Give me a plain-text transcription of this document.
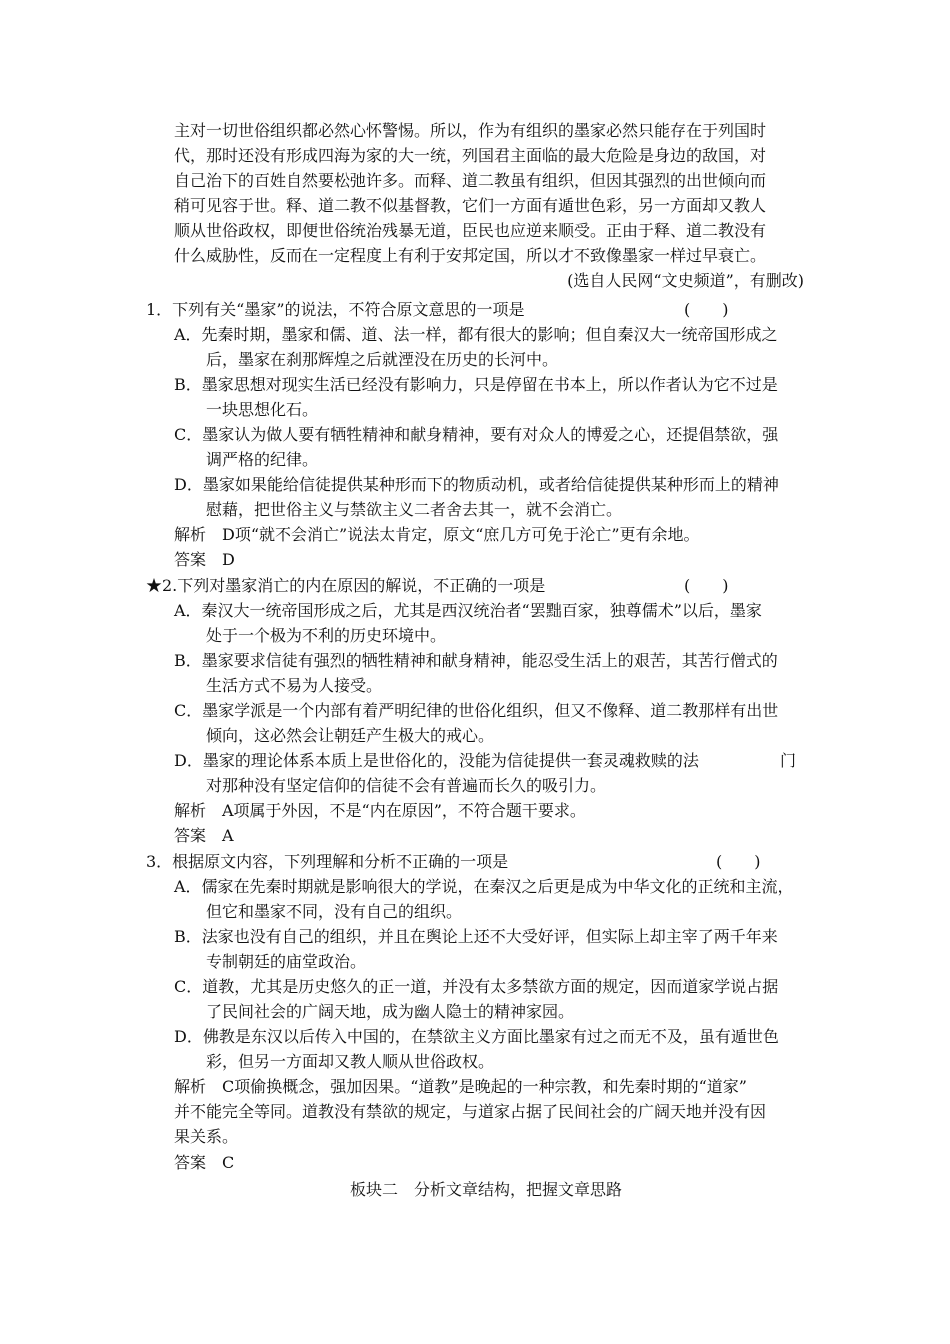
主对一切世俗组织都必然心怀警惕。所以，作为有组织的墨家必然只能存在于列国时
代，那时还没有形成四海为家的大一统，列国君主面临的最大危险是身边的敌国，对
自己治下的百姓自然要松弛许多。而释、道二教虽有组织，但因其强烈的出世倾向而
稍可见容于世。释、道二教不似基督教，它们一方面有遁世色彩，另一方面却又教人
顺从世俗政权，即便世俗统治残暴无道，臣民也应逆来顺受。正由于释、道二教没有
什么威胁性，反而在一定程度上有利于安邦定国，所以才不致像墨家一样过早衰亡。
(选自人民网“文史频道”，有删改)
1．下列有关“墨家”的说法，不符合原文意思的一项是	(　　)
A．先秦时期，墨家和儒、道、法一样，都有很大的影响；但自秦汉大一统帝国形成之
后，墨家在刹那辉煌之后就湮没在历史的长河中。
B．墨家思想对现实生活已经没有影响力，只是停留在书本上，所以作者认为它不过是
一块思想化石。
C．墨家认为做人要有牺牲精神和献身精神，要有对众人的博爱之心，还提倡禁欲，强
调严格的纪律。
D．墨家如果能给信徒提供某种形而下的物质动机，或者给信徒提供某种形而上的精神
慰藉，把世俗主义与禁欲主义二者舍去其一，就不会消亡。
解析　D项“就不会消亡”说法太肯定，原文“庶几方可免于沦亡”更有余地。
答案　D
★2.下列对墨家消亡的内在原因的解说，不正确的一项是	(　　)
A．秦汉大一统帝国形成之后，尤其是西汉统治者“罢黜百家，独尊儒术”以后，墨家
处于一个极为不利的历史环境中。
B．墨家要求信徒有强烈的牺牲精神和献身精神，能忍受生活上的艰苦，其苦行僧式的
生活方式不易为人接受。
C．墨家学派是一个内部有着严明纪律的世俗化组织，但又不像释、道二教那样有出世
倾向，这必然会让朝廷产生极大的戒心。
D．墨家的理论体系本质上是世俗化的，没能为信徒提供一套灵魂救赎的法	门
对那种没有坚定信仰的信徒不会有普遍而长久的吸引力。
解析　A项属于外因，不是“内在原因”，不符合题干要求。
答案　A
3．根据原文内容，下列理解和分析不正确的一项是	(　　)
A．儒家在先秦时期就是影响很大的学说，在秦汉之后更是成为中华文化的正统和主流，
但它和墨家不同，没有自己的组织。
B．法家也没有自己的组织，并且在舆论上还不大受好评，但实际上却主宰了两千年来
专制朝廷的庙堂政治。
C．道教，尤其是历史悠久的正一道，并没有太多禁欲方面的规定，因而道家学说占据
了民间社会的广阔天地，成为幽人隐士的精神家园。
D．佛教是东汉以后传入中国的，在禁欲主义方面比墨家有过之而无不及，虽有遁世色
彩，但另一方面却又教人顺从世俗政权。
解析　C项偷换概念，强加因果。“道教”是晚起的一种宗教，和先秦时期的“道家”
并不能完全等同。道教没有禁欲的规定，与道家占据了民间社会的广阔天地并没有因
果关系。
答案　C
板块二　分析文章结构，把握文章思路
